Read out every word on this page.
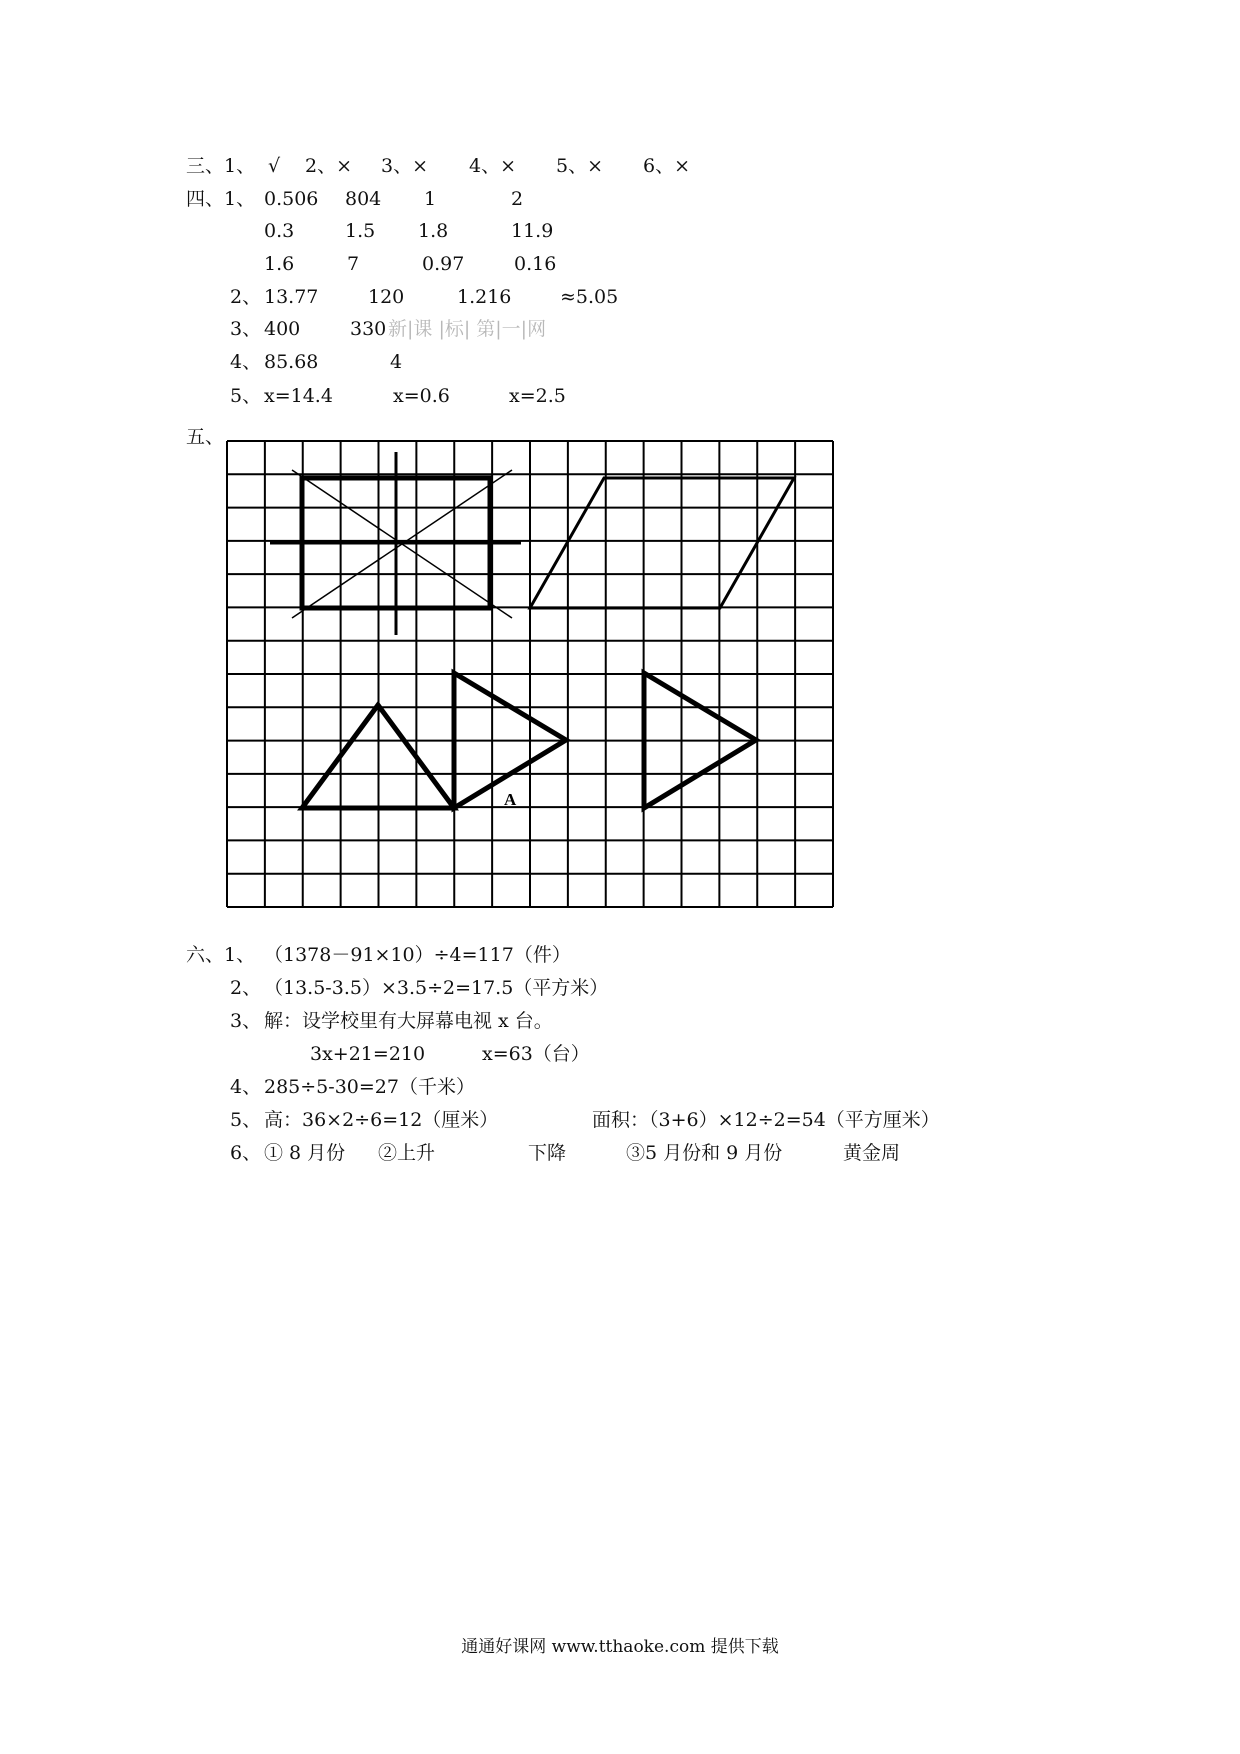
三、1、 √ 2、× 3、× 4、× 5、× 6、×
四、1、 0.506 804 1	2
0.3	1.5 1.8	11.9
1.6	7	0.97	0.16
2、 13.77	120	1.216	≈5.05
3、 400	330 新|课 |标| 第|一|网
4、 85.68	4
5、 x=14.4	x=0.6	x=2.5
五、
A
六、1、 （1378－91×10）÷4=117（件）
2、 （13.5-3.5）×3.5÷2=17.5（平方米）
3、 解：设学校里有大屏幕电视 x 台。
3x+21=210	x=63（台）
4、 285÷5-30=27（千米）
5、 高：36×2÷6=12（厘米）	面积：（3+6）×12÷2=54（平方厘米）
6、 ① 8 月份 ②上升	下降	③5 月份和 9 月份	黄金周
通通好课网 www.tthaoke.com 提供下载
